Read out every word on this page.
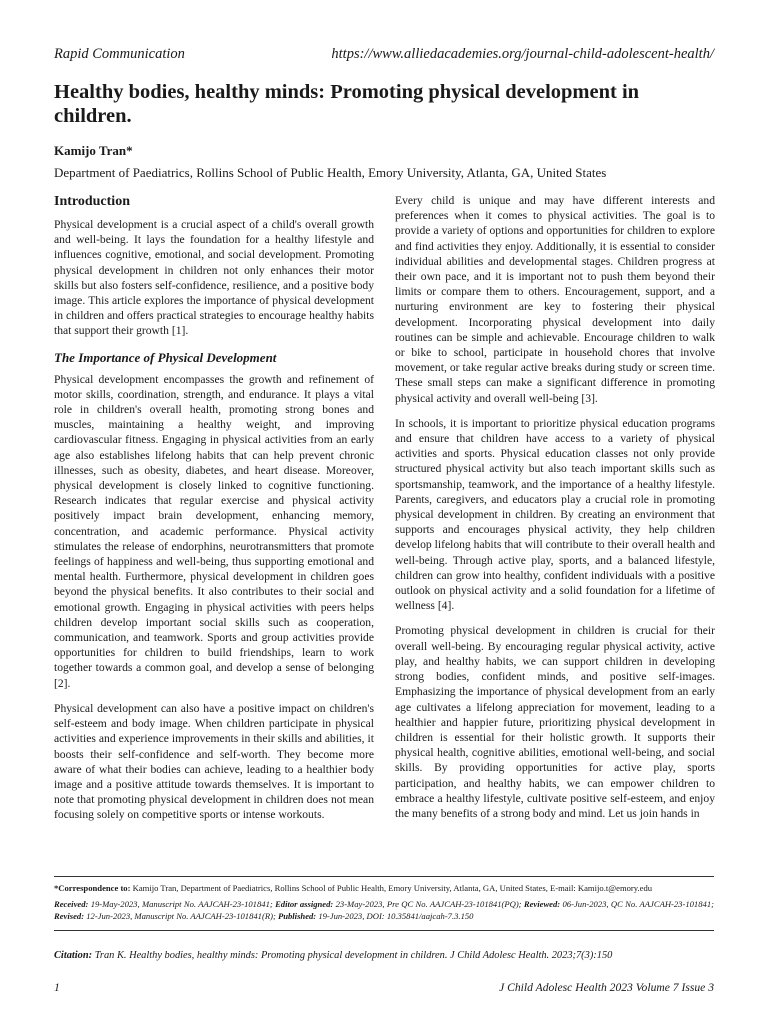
Rapid Communication	https://www.alliedacademies.org/journal-child-adolescent-health/
Healthy bodies, healthy minds: Promoting physical development in children.
Kamijo Tran*
Department of Paediatrics, Rollins School of Public Health, Emory University, Atlanta, GA, United States
Introduction

Physical development is a crucial aspect of a child's overall growth and well-being. It lays the foundation for a healthy lifestyle and influences cognitive, emotional, and social development. Promoting physical development in children not only enhances their motor skills but also fosters self-confidence, resilience, and a positive body image. This article explores the importance of physical development in children and offers practical strategies to encourage healthy habits that support their growth [1].

The Importance of Physical Development

Physical development encompasses the growth and refinement of motor skills, coordination, strength, and endurance. It plays a vital role in children's overall health, promoting strong bones and muscles, maintaining a healthy weight, and improving cardiovascular fitness. Engaging in physical activities from an early age also establishes lifelong habits that can help prevent chronic illnesses, such as obesity, diabetes, and heart disease. Moreover, physical development is closely linked to cognitive functioning. Research indicates that regular exercise and physical activity positively impact brain development, enhancing memory, concentration, and academic performance. Physical activity stimulates the release of endorphins, neurotransmitters that promote feelings of happiness and well-being, thus supporting emotional and mental health. Furthermore, physical development in children goes beyond the physical benefits. It also contributes to their social and emotional growth. Engaging in physical activities with peers helps children develop important social skills such as cooperation, communication, and teamwork. Sports and group activities provide opportunities for children to build friendships, learn to work together towards a common goal, and develop a sense of belonging [2].

Physical development can also have a positive impact on children's self-esteem and body image. When children participate in physical activities and experience improvements in their skills and abilities, it boosts their self-confidence and self-worth. They become more aware of what their bodies can achieve, leading to a healthier body image and a positive attitude towards themselves. It is important to note that promoting physical development in children does not mean focusing solely on competitive sports or intense workouts.

Every child is unique and may have different interests and preferences when it comes to physical activities. The goal is to provide a variety of options and opportunities for children to explore and find activities they enjoy. Additionally, it is essential to consider individual abilities and developmental stages. Children progress at their own pace, and it is important not to push them beyond their limits or compare them to others. Encouragement, support, and a nurturing environment are key to fostering their physical development. Incorporating physical development into daily routines can be simple and achievable. Encourage children to walk or bike to school, participate in household chores that involve movement, or take regular active breaks during study or screen time. These small steps can make a significant difference in promoting physical activity and overall well-being [3].

In schools, it is important to prioritize physical education programs and ensure that children have access to a variety of physical activities and sports. Physical education classes not only provide structured physical activity but also teach important skills such as sportsmanship, teamwork, and the importance of a healthy lifestyle. Parents, caregivers, and educators play a crucial role in promoting physical development in children. By creating an environment that supports and encourages physical activity, they help children develop lifelong habits that will contribute to their overall health and well-being. Through active play, sports, and a balanced lifestyle, children can grow into healthy, confident individuals with a positive outlook on physical activity and a solid foundation for a lifetime of wellness [4].

Promoting physical development in children is crucial for their overall well-being. By encouraging regular physical activity, active play, and healthy habits, we can support children in developing strong bodies, confident minds, and positive self-images. Emphasizing the importance of physical development from an early age cultivates a lifelong appreciation for movement, leading to a healthier and happier future, prioritizing physical development in children is essential for their holistic growth. It supports their physical health, cognitive abilities, emotional well-being, and social skills. By providing opportunities for active play, sports participation, and healthy habits, we can empower children to embrace a healthy lifestyle, cultivate positive self-esteem, and enjoy the many benefits of a strong body and mind. Let us join hands in

*Correspondence to: Kamijo Tran, Department of Paediatrics, Rollins School of Public Health, Emory University, Atlanta, GA, United States, E-mail: Kamijo.t@emory.edu
Received: 19-May-2023, Manuscript No. AAJCAH-23-101841; Editor assigned: 23-May-2023, Pre QC No. AAJCAH-23-101841(PQ); Reviewed: 06-Jun-2023, QC No. AAJCAH-23-101841; Revised: 12-Jun-2023, Manuscript No. AAJCAH-23-101841(R); Published: 19-Jun-2023, DOI: 10.35841/aajcah-7.3.150
Citation: Tran K. Healthy bodies, healthy minds: Promoting physical development in children. J Child Adolesc Health. 2023;7(3):150
1	J Child Adolesc Health 2023 Volume 7 Issue 3
